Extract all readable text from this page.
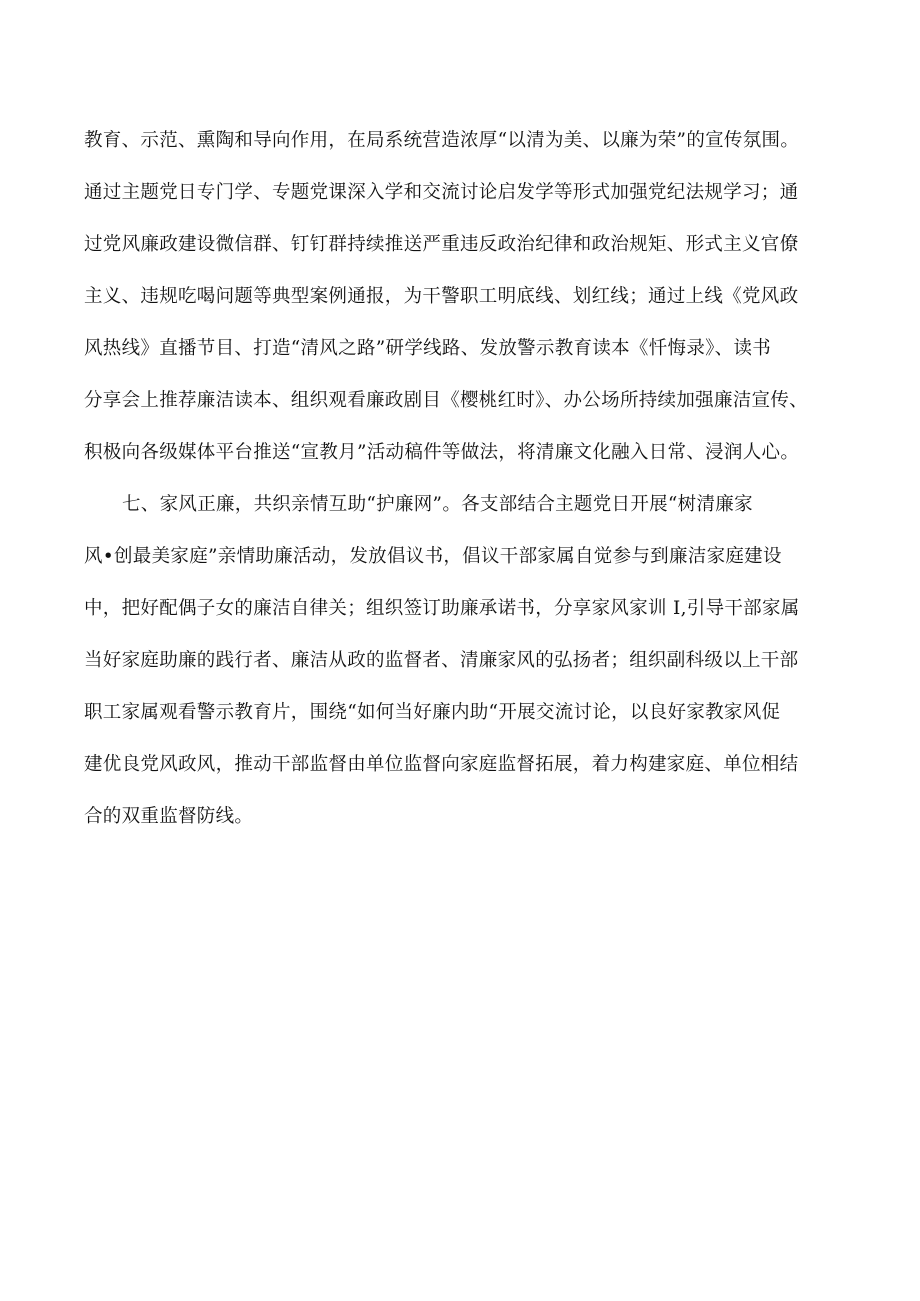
教育、示范、熏陶和导向作用，在局系统营造浓厚“以清为美、以廉为荣”的宣传氛围。
通过主题党日专门学、专题党课深入学和交流讨论启发学等形式加强党纪法规学习；通
过党风廉政建设微信群、钉钉群持续推送严重违反政治纪律和政治规矩、形式主义官僚
主义、违规吃喝问题等典型案例通报，为干警职工明底线、划红线；通过上线《党风政
风热线》直播节目、打造“清风之路”研学线路、发放警示教育读本《忏悔录》、读书
分享会上推荐廉洁读本、组织观看廉政剧目《樱桃红时》、办公场所持续加强廉洁宣传、
积极向各级媒体平台推送“宣教月”活动稿件等做法，将清廉文化融入日常、浸润人心。
七、家风正廉，共织亲情互助“护廉网”。各支部结合主题党日开展“树清廉家
风•创最美家庭”亲情助廉活动，发放倡议书，倡议干部家属自觉参与到廉洁家庭建设
中，把好配偶子女的廉洁自律关；组织签订助廉承诺书，分享家风家训 I,引导干部家属
当好家庭助廉的践行者、廉洁从政的监督者、清廉家风的弘扬者；组织副科级以上干部
职工家属观看警示教育片，围绕“如何当好廉内助“开展交流讨论，以良好家教家风促
建优良党风政风，推动干部监督由单位监督向家庭监督拓展，着力构建家庭、单位相结
合的双重监督防线。
